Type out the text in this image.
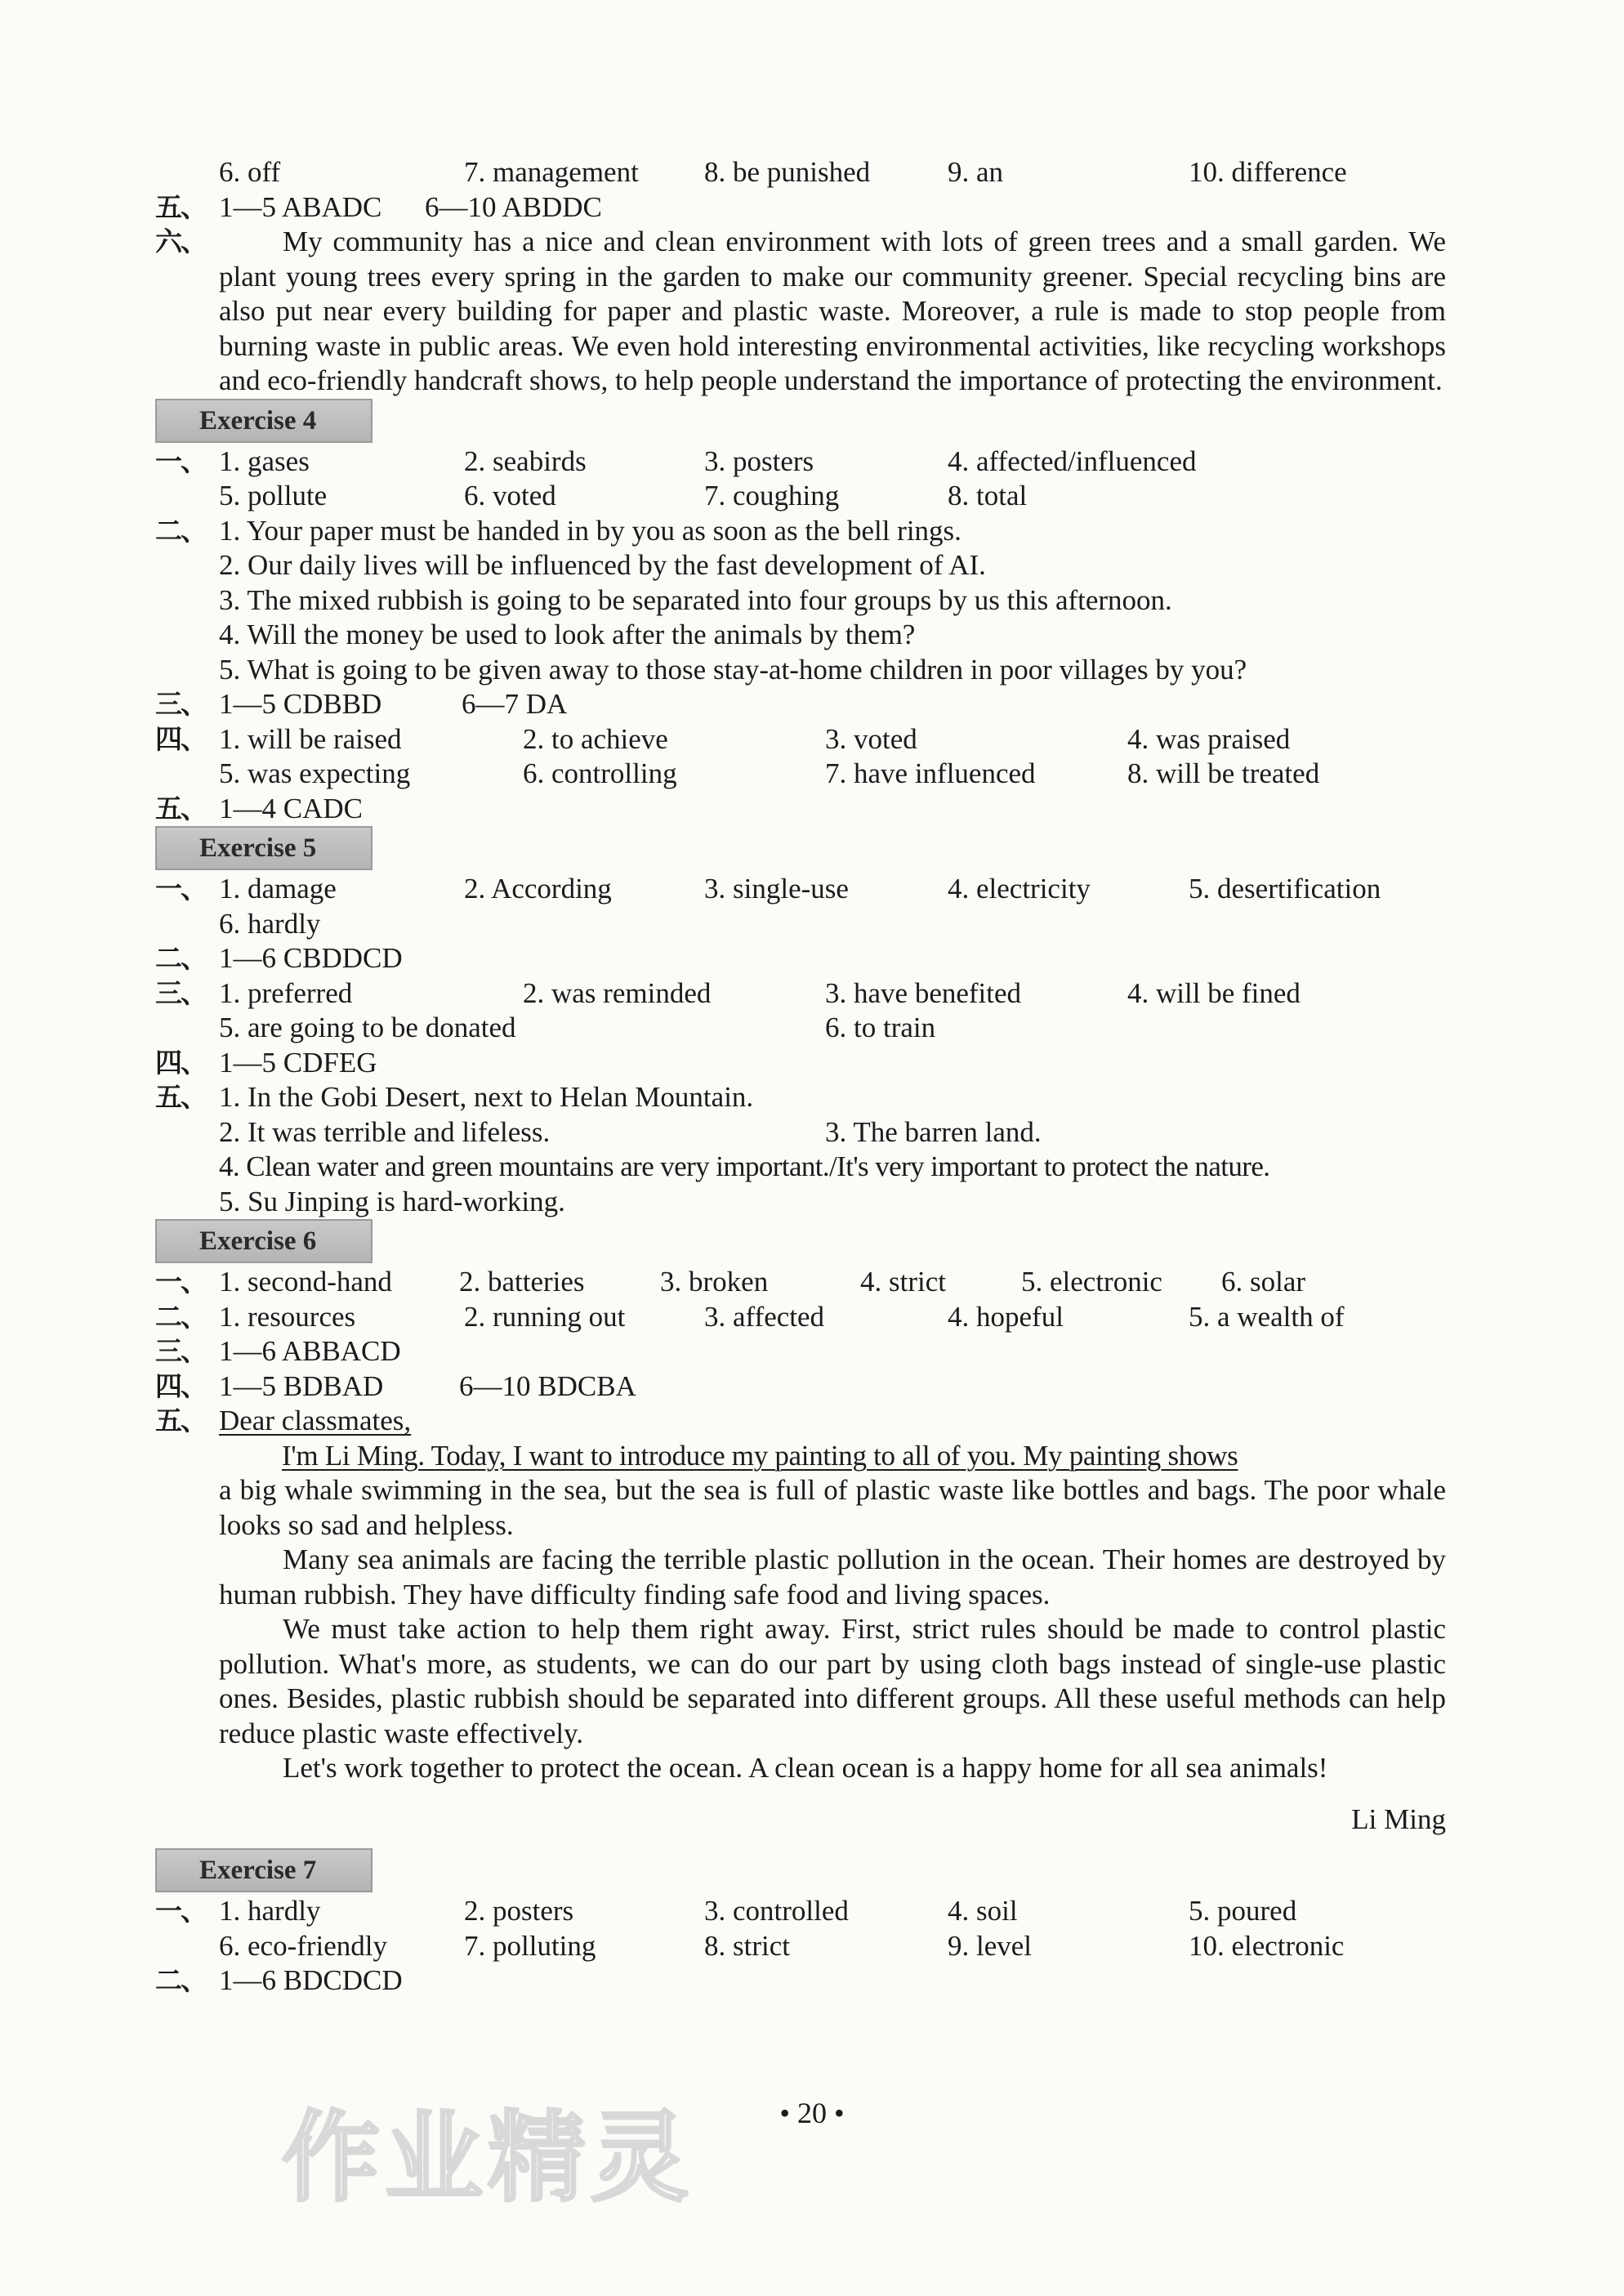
6. off	7. management 8. be punished	9. an	10. difference
五、 1—5 ABADC 6—10 ABDDC
六、	My community has a nice and clean environment with lots of green trees and a small garden. We plant young trees every spring in the garden to make our community greener. Special recycling bins are also put near every building for paper and plastic waste. Moreover, a rule is made to stop people from burning waste in public areas. We even hold interesting environmental activities, like recycling workshops and eco-friendly handcraft shows, to help people understand the importance of protecting the environment.
Exercise 4
一、 1. gases	2. seabirds	3. posters	4. affected/influenced
5. pollute	6. voted	7. coughing	8. total
二、 1. Your paper must be handed in by you as soon as the bell rings.
2. Our daily lives will be influenced by the fast development of AI.
3. The mixed rubbish is going to be separated into four groups by us this afternoon.
4. Will the money be used to look after the animals by them?
5. What is going to be given away to those stay-at-home children in poor villages by you?
三、 1—5 CDBBD	6—7 DA
四、 1. will be raised	2. to achieve	3. voted	4. was praised
5. was expecting	6. controlling	7. have influenced	8. will be treated
五、 1—4 CADC
Exercise 5
一、 1. damage	2. According	3. single-use	4. electricity	5. desertification
6. hardly
二、 1—6 CBDDCD
三、 1. preferred	2. was reminded	3. have benefited	4. will be fined
5. are going to be donated	6. to train
四、 1—5 CDFEG
五、 1. In the Gobi Desert, next to Helan Mountain.
2. It was terrible and lifeless.	3. The barren land.
4. Clean water and green mountains are very important./It's very important to protect the nature.
5. Su Jinping is hard-working.
Exercise 6
一、 1. second-hand 2. batteries	3. broken	4. strict	5. electronic 6. solar
二、 1. resources	2. running out	3. affected	4. hopeful	5. a wealth of
三、 1—6 ABBACD
四、 1—5 BDBAD	6—10 BDCBA
五、 Dear classmates,
I'm Li Ming. Today, I want to introduce my painting to all of you. My painting shows
a big whale swimming in the sea, but the sea is full of plastic waste like bottles and bags. The poor whale looks so sad and helpless.
Many sea animals are facing the terrible plastic pollution in the ocean. Their homes are destroyed by human rubbish. They have difficulty finding safe food and living spaces.
We must take action to help them right away. First, strict rules should be made to control plastic pollution. What's more, as students, we can do our part by using cloth bags instead of single-use plastic ones. Besides, plastic rubbish should be separated into different groups. All these useful methods can help reduce plastic waste effectively.
Let's work together to protect the ocean. A clean ocean is a happy home for all sea animals!
Li Ming
Exercise 7
一、 1. hardly	2. posters	3. controlled	4. soil	5. poured
6. eco-friendly	7. polluting	8. strict	9. level	10. electronic
二、 1—6 BDCDCD
作业精灵	• 20 •
